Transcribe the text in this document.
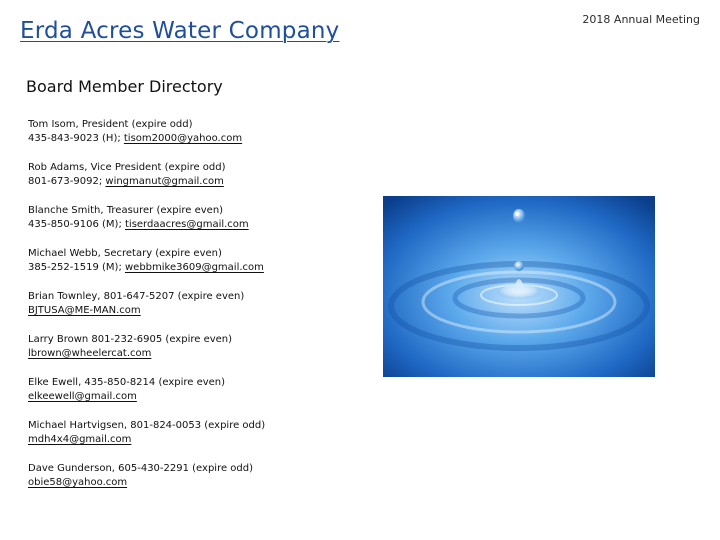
Erda Acres Water Company	2018 Annual Meeting
Board Member Directory
Tom Isom, President (expire odd)
435-843-9023 (H); tisom2000@yahoo.com
Rob Adams, Vice President (expire odd)
801-673-9092; wingmanut@gmail.com
Blanche Smith, Treasurer (expire even)
435-850-9106 (M); tiserdaacres@gmail.com
Michael Webb, Secretary (expire even)
385-252-1519 (M); webbmike3609@gmail.com
Brian Townley, 801-647-5207 (expire even)
BJTUSA@ME-MAN.com
Larry Brown 801-232-6905 (expire even)
lbrown@wheelercat.com
Elke Ewell, 435-850-8214 (expire even)
elkeewell@gmail.com
Michael Hartvigsen, 801-824-0053 (expire odd)
mdh4x4@gmail.com
Dave Gunderson, 605-430-2291 (expire odd)
obie58@yahoo.com
